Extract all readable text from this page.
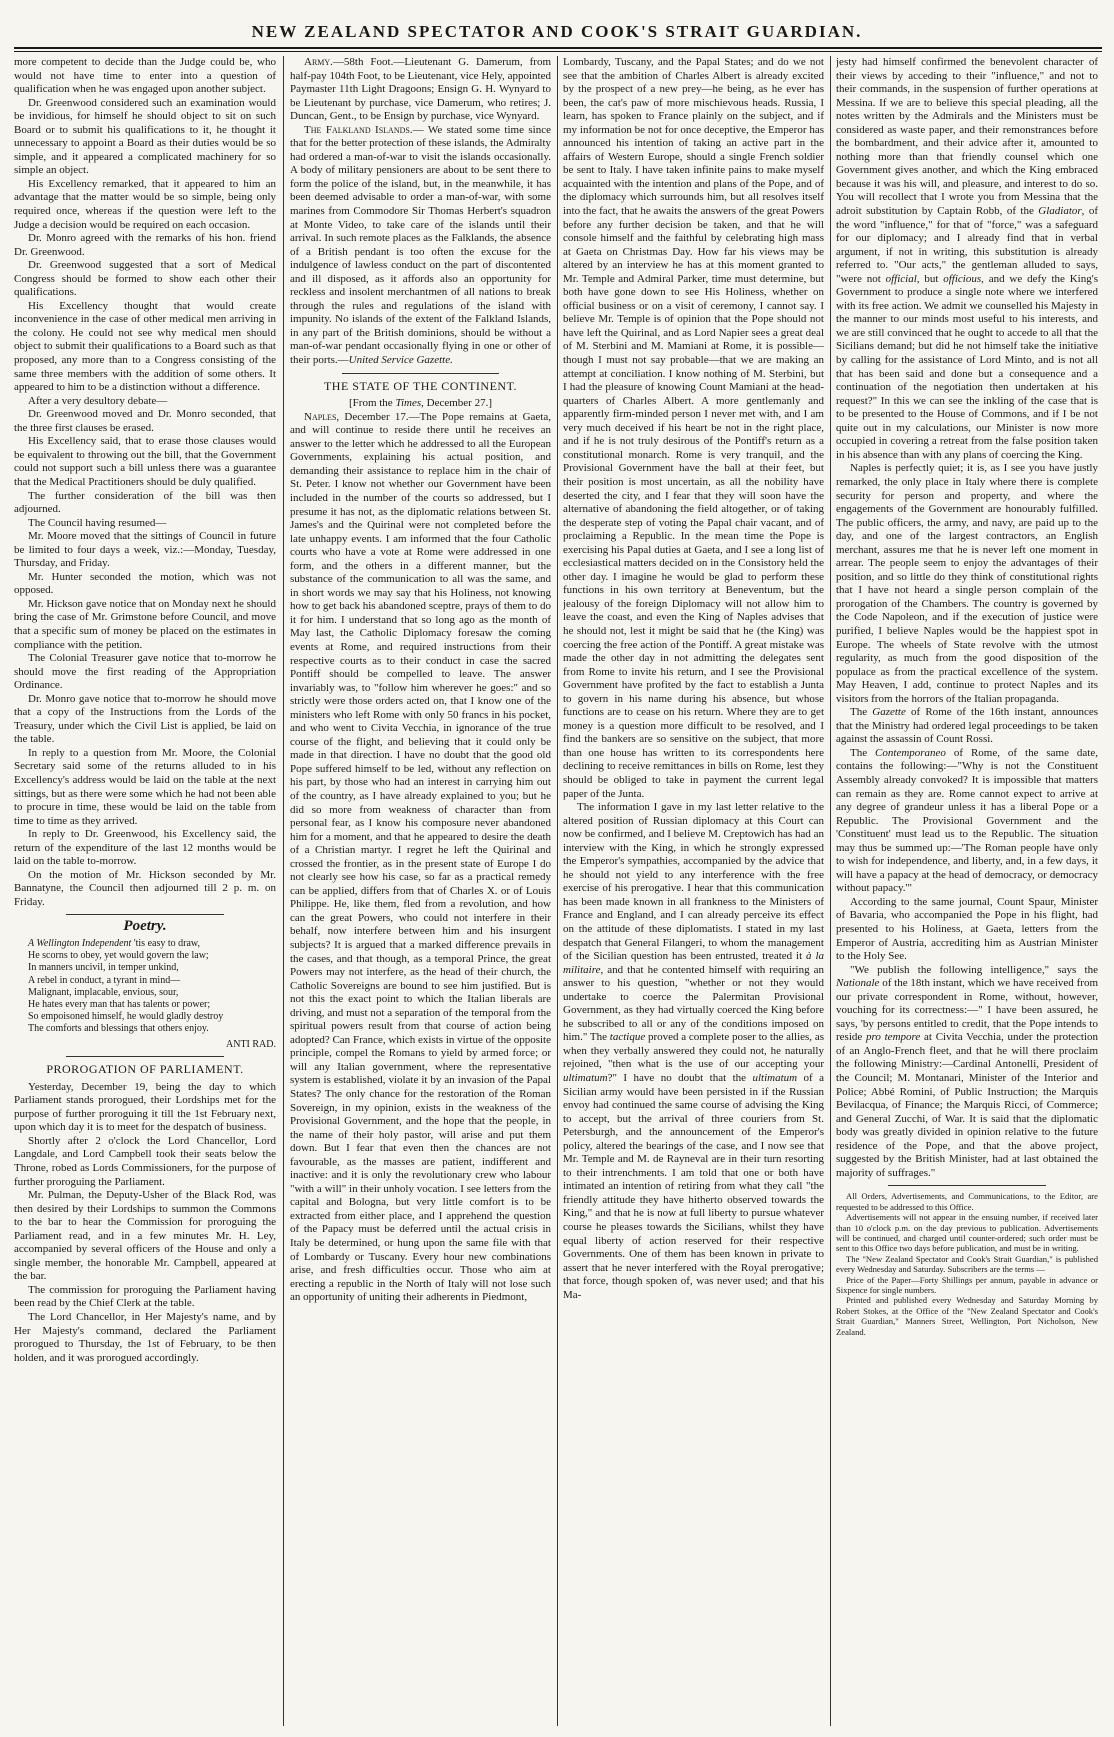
NEW ZEALAND SPECTATOR AND COOK'S STRAIT GUARDIAN.

more competent to decide than the Judge could be, who would not have time to enter into a question of qualification when he was engaged upon another subject.

Dr. Greenwood considered such an examination would be invidious, for himself he should object to sit on such Board or to submit his qualifications to it, he thought it unnecessary to appoint a Board as their duties would be so simple, and it appeared a complicated machinery for so simple an object.

His Excellency remarked, that it appeared to him an advantage that the matter would be so simple, being only required once, whereas if the question were left to the Judge a decision would be required on each occasion.

Dr. Monro agreed with the remarks of his hon. friend Dr. Greenwood.

Dr. Greenwood suggested that a sort of Medical Congress should be formed to show each other their qualifications.

His Excellency thought that would create inconvenience in the case of other medical men arriving in the colony. He could not see why medical men should object to submit their qualifications to a Board such as that proposed, any more than to a Congress consisting of the same three members with the addition of some others. It appeared to him to be a distinction without a difference.

After a very desultory debate—

Dr. Greenwood moved and Dr. Monro seconded, that the three first clauses be erased.

His Excellency said, that to erase those clauses would be equivalent to throwing out the bill, that the Government could not support such a bill unless there was a guarantee that the Medical Practitioners should be duly qualified.

The further consideration of the bill was then adjourned.

The Council having resumed—

Mr. Moore moved that the sittings of Council in future be limited to four days a week, viz.:—Monday, Tuesday, Thursday, and Friday.

Mr. Hunter seconded the motion, which was not opposed.

Mr. Hickson gave notice that on Monday next he should bring the case of Mr. Grimstone before Council, and move that a specific sum of money be placed on the estimates in compliance with the petition.

The Colonial Treasurer gave notice that to-morrow he should move the first reading of the Appropriation Ordinance.

Dr. Monro gave notice that to-morrow he should move that a copy of the Instructions from the Lords of the Treasury, under which the Civil List is applied, be laid on the table.

In reply to a question from Mr. Moore, the Colonial Secretary said some of the returns alluded to in his Excellency's address would be laid on the table at the next sittings, but as there were some which he had not been able to procure in time, these would be laid on the table from time to time as they arrived.

In reply to Dr. Greenwood, his Excellency said, the return of the expenditure of the last 12 months would be laid on the table to-morrow.

On the motion of Mr. Hickson seconded by Mr. Bannatyne, the Council then adjourned till 2 p. m. on Friday.

Poetry.
A Wellington Independent 'tis easy to draw,
He scorns to obey, yet would govern the law;
In manners uncivil, in temper unkind,
A rebel in conduct, a tyrant in mind—
Malignant, implacable, envious, sour,
He hates every man that has talents or power;
So empoisoned himself, he would gladly destroy
The comforts and blessings that others enjoy.
ANTI RAD.
PROROGATION OF PARLIAMENT.

Yesterday, December 19, being the day to which Parliament stands prorogued, their Lordships met for the purpose of further proroguing it till the 1st February next, upon which day it is to meet for the despatch of business.

Shortly after 2 o'clock the Lord Chancellor, Lord Langdale, and Lord Campbell took their seats below the Throne, robed as Lords Commissioners, for the purpose of further proroguing the Parliament.

Mr. Pulman, the Deputy-Usher of the Black Rod, was then desired by their Lordships to summon the Commons to the bar to hear the Commission for proroguing the Parliament read, and in a few minutes Mr. H. Ley, accompanied by several officers of the House and only a single member, the honorable Mr. Campbell, appeared at the bar.

The commission for proroguing the Parliament having been read by the Chief Clerk at the table.

The Lord Chancellor, in Her Majesty's name, and by Her Majesty's command, declared the Parliament prorogued to Thursday, the 1st of February, to be then holden, and it was prorogued accordingly.

Army.—58th Foot.—Lieutenant G. Damerum, from half-pay 104th Foot, to be Lieutenant, vice Hely, appointed Paymaster 11th Light Dragoons; Ensign G. H. Wynyard to be Lieutenant by purchase, vice Damerum, who retires; J. Duncan, Gent., to be Ensign by purchase, vice Wynyard.

The Falkland Islands.— We stated some time since that for the better protection of these islands, the Admiralty had ordered a man-of-war to visit the islands occasionally. A body of military pensioners are about to be sent there to form the police of the island, but, in the meanwhile, it has been deemed advisable to order a man-of-war, with some marines from Commodore Sir Thomas Herbert's squadron at Monte Video, to take care of the islands until their arrival. In such remote places as the Falklands, the absence of a British pendant is too often the excuse for the indulgence of lawless conduct on the part of discontented and ill disposed, as it affords also an opportunity for reckless and insolent merchantmen of all nations to break through the rules and regulations of the island with impunity. No islands of the extent of the Falkland Islands, in any part of the British dominions, should be without a man-of-war pendant occasionally flying in one or other of their ports.—United Service Gazette.

THE STATE OF THE CONTINENT.

[From the Times, December 27.]

Naples, December 17.—The Pope remains at Gaeta, and will continue to reside there until he receives an answer to the letter which he addressed to all the European Governments, explaining his actual position, and demanding their assistance to replace him in the chair of St. Peter. I know not whether our Government have been included in the number of the courts so addressed, but I presume it has not, as the diplomatic relations between St. James's and the Quirinal were not completed before the late unhappy events. I am informed that the four Catholic courts who have a vote at Rome were addressed in one form, and the others in a different manner, but the substance of the communication to all was the same, and in short words we may say that his Holiness, not knowing how to get back his abandoned sceptre, prays of them to do it for him. I understand that so long ago as the month of May last, the Catholic Diplomacy foresaw the coming events at Rome, and required instructions from their respective courts as to their conduct in case the sacred Pontiff should be compelled to leave. The answer invariably was, to "follow him wherever he goes:" and so strictly were those orders acted on, that I know one of the ministers who left Rome with only 50 francs in his pocket, and who went to Civita Vecchia, in ignorance of the true course of the flight, and believing that it could only be made in that direction. I have no doubt that the good old Pope suffered himself to be led, without any reflection on his part, by those who had an interest in carrying him out of the country, as I have already explained to you; but he did so more from weakness of character than from personal fear, as I know his composure never abandoned him for a moment, and that he appeared to desire the death of a Christian martyr. I regret he left the Quirinal and crossed the frontier, as in the present state of Europe I do not clearly see how his case, so far as a practical remedy can be applied, differs from that of Charles X. or of Louis Philippe. He, like them, fled from a revolution, and how can the great Powers, who could not interfere in their behalf, now interfere between him and his insurgent subjects? It is argued that a marked difference prevails in the cases, and that though, as a temporal Prince, the great Powers may not interfere, as the head of their church, the Catholic Sovereigns are bound to see him justified. But is not this the exact point to which the Italian liberals are driving, and must not a separation of the temporal from the spiritual powers result from that course of action being adopted? Can France, which exists in virtue of the opposite principle, compel the Romans to yield by armed force; or will any Italian government, where the representative system is established, violate it by an invasion of the Papal States? The only chance for the restoration of the Roman Sovereign, in my opinion, exists in the weakness of the Provisional Government, and the hope that the people, in the name of their holy pastor, will arise and put them down. But I fear that even then the chances are not favourable, as the masses are patient, indifferent and inactive: and it is only the revolutionary crew who labour "with a will" in their unholy vocation. I see letters from the capital and Bologna, but very little comfort is to be extracted from either place, and I apprehend the question of the Papacy must be deferred until the actual crisis in Italy be determined, or hung upon the same file with that of Lombardy or Tuscany. Every hour new combinations arise, and fresh difficulties occur. Those who aim at erecting a republic in the North of Italy will not lose such an opportunity of uniting their adherents in Piedmont,

Lombardy, Tuscany, and the Papal States; and do we not see that the ambition of Charles Albert is already excited by the prospect of a new prey—he being, as he ever has been, the cat's paw of more mischievous heads. Russia, I learn, has spoken to France plainly on the subject, and if my information be not for once deceptive, the Emperor has announced his intention of taking an active part in the affairs of Western Europe, should a single French soldier be sent to Italy. I have taken infinite pains to make myself acquainted with the intention and plans of the Pope, and of the diplomacy which surrounds him, but all resolves itself into the fact, that he awaits the answers of the great Powers before any further decision be taken, and that he will console himself and the faithful by celebrating high mass at Gaeta on Christmas Day. How far his views may be altered by an interview he has at this moment granted to Mr. Temple and Admiral Parker, time must determine, but both have gone down to see His Holiness, whether on official business or on a visit of ceremony, I cannot say. I believe Mr. Temple is of opinion that the Pope should not have left the Quirinal, and as Lord Napier sees a great deal of M. Sterbini and M. Mamiani at Rome, it is possible—though I must not say probable—that we are making an attempt at conciliation. I know nothing of M. Sterbini, but I had the pleasure of knowing Count Mamiani at the head-quarters of Charles Albert. A more gentlemanly and apparently firm-minded person I never met with, and I am very much deceived if his heart be not in the right place, and if he is not truly desirous of the Pontiff's return as a constitutional monarch. Rome is very tranquil, and the Provisional Government have the ball at their feet, but their position is most uncertain, as all the nobility have deserted the city, and I fear that they will soon have the alternative of abandoning the field altogether, or of taking the desperate step of voting the Papal chair vacant, and of proclaiming a Republic. In the mean time the Pope is exercising his Papal duties at Gaeta, and I see a long list of ecclesiastical matters decided on in the Consistory held the other day. I imagine he would be glad to perform these functions in his own territory at Beneventum, but the jealousy of the foreign Diplomacy will not allow him to leave the coast, and even the King of Naples advises that he should not, lest it might be said that he (the King) was coercing the free action of the Pontiff. A great mistake was made the other day in not admitting the delegates sent from Rome to invite his return, and I see the Provisional Government have profited by the fact to establish a Junta to govern in his name during his absence, but whose functions are to cease on his return. Where they are to get money is a question more difficult to be resolved, and I find the bankers are so sensitive on the subject, that more than one house has written to its correspondents here declining to receive remittances in bills on Rome, lest they should be obliged to take in payment the current legal paper of the Junta.

The information I gave in my last letter relative to the altered position of Russian diplomacy at this Court can now be confirmed, and I believe M. Creptowich has had an interview with the King, in which he strongly expressed the Emperor's sympathies, accompanied by the advice that he should not yield to any interference with the free exercise of his prerogative. I hear that this communication has been made known in all frankness to the Ministers of France and England, and I can already perceive its effect on the attitude of these diplomatists. I stated in my last despatch that General Filangeri, to whom the management of the Sicilian question has been entrusted, treated it à la militaire, and that he contented himself with requiring an answer to his question, "whether or not they would undertake to coerce the Palermitan Provisional Government, as they had virtually coerced the King before he subscribed to all or any of the conditions imposed on him." The tactique proved a complete poser to the allies, as when they verbally answered they could not, he naturally rejoined, "then what is the use of our accepting your ultimatum?" I have no doubt that the ultimatum of a Sicilian army would have been persisted in if the Russian envoy had continued the same course of advising the King to accept, but the arrival of three couriers from St. Petersburgh, and the announcement of the Emperor's policy, altered the bearings of the case, and I now see that Mr. Temple and M. de Rayneval are in their turn resorting to their intrenchments. I am told that one or both have intimated an intention of retiring from what they call "the friendly attitude they have hitherto observed towards the King," and that he is now at full liberty to pursue whatever course he pleases towards the Sicilians, whilst they have equal liberty of action reserved for their respective Governments. One of them has been known in private to assert that he never interfered with the Royal prerogative; that force, though spoken of, was never used; and that his Ma-

jesty had himself confirmed the benevolent character of their views by acceding to their "influence," and not to their commands, in the suspension of further operations at Messina. If we are to believe this special pleading, all the notes written by the Admirals and the Ministers must be considered as waste paper, and their remonstrances before the bombardment, and their advice after it, amounted to nothing more than that friendly counsel which one Government gives another, and which the King embraced because it was his will, and pleasure, and interest to do so. You will recollect that I wrote you from Messina that the adroit substitution by Captain Robb, of the Gladiator, of the word "influence," for that of "force," was a safeguard for our diplomacy; and I already find that in verbal argument, if not in writing, this substitution is already referred to. "Our acts," the gentleman alluded to says, "were not official, but officious, and we defy the King's Government to produce a single note where we interfered with its free action. We admit we counselled his Majesty in the manner to our minds most useful to his interests, and we are still convinced that he ought to accede to all that the Sicilians demand; but did he not himself take the initiative by calling for the assistance of Lord Minto, and is not all that has been said and done but a consequence and a continuation of the negotiation then undertaken at his request?" In this we can see the inkling of the case that is to be presented to the House of Commons, and if I be not quite out in my calculations, our Minister is now more occupied in covering a retreat from the false position taken in his absence than with any plans of coercing the King.

Naples is perfectly quiet; it is, as I see you have justly remarked, the only place in Italy where there is complete security for person and property, and where the engagements of the Government are honourably fulfilled. The public officers, the army, and navy, are paid up to the day, and one of the largest contractors, an English merchant, assures me that he is never left one moment in arrear. The people seem to enjoy the advantages of their position, and so little do they think of constitutional rights that I have not heard a single person complain of the prorogation of the Chambers. The country is governed by the Code Napoleon, and if the execution of justice were purified, I believe Naples would be the happiest spot in Europe. The wheels of State revolve with the utmost regularity, as much from the good disposition of the populace as from the practical excellence of the system. May Heaven, I add, continue to protect Naples and its visitors from the horrors of the Italian propaganda.

The Gazette of Rome of the 16th instant, announces that the Ministry had ordered legal proceedings to be taken against the assassin of Count Rossi.

The Contemporaneo of Rome, of the same date, contains the following:—"Why is not the Constituent Assembly already convoked? It is impossible that matters can remain as they are. Rome cannot expect to arrive at any degree of grandeur unless it has a liberal Pope or a Republic. The Provisional Government and the 'Constituent' must lead us to the Republic. The situation may thus be summed up:—'The Roman people have only to wish for independence, and liberty, and, in a few days, it will have a papacy at the head of democracy, or democracy without papacy.'"

According to the same journal, Count Spaur, Minister of Bavaria, who accompanied the Pope in his flight, had presented to his Holiness, at Gaeta, letters from the Emperor of Austria, accrediting him as Austrian Minister to the Holy See.

"We publish the following intelligence," says the Nationale of the 18th instant, which we have received from our private correspondent in Rome, without, however, vouching for its correctness:—" I have been assured, he says, 'by persons entitled to credit, that the Pope intends to reside pro tempore at Civita Vecchia, under the protection of an Anglo-French fleet, and that he will there proclaim the following Ministry:—Cardinal Antonelli, President of the Council; M. Montanari, Minister of the Interior and Police; Abbé Romini, of Public Instruction; the Marquis Bevilacqua, of Finance; the Marquis Ricci, of Commerce; and General Zucchi, of War. It is said that the diplomatic body was greatly divided in opinion relative to the future residence of the Pope, and that the above project, suggested by the British Minister, had at last obtained the majority of suffrages."

All Orders, Advertisements, and Communications, to the Editor, are requested to be addressed to this Office.

Advertisements will not appear in the ensuing number, if received later than 10 o'clock p.m. on the day previous to publication. Advertisements will be continued, and charged until counter-ordered; such order must be sent to this Office two days before publication, and must be in writing.

The "New Zealand Spectator and Cook's Strait Guardian," is published every Wednesday and Saturday. Subscribers are the terms —

Price of the Paper—Forty Shillings per annum, payable in advance or Sixpence for single numbers.

Printed and published every Wednesday and Saturday Morning by Robert Stokes, at the Office of the "New Zealand Spectator and Cook's Strait Guardian," Manners Street, Wellington, Port Nicholson, New Zealand.
